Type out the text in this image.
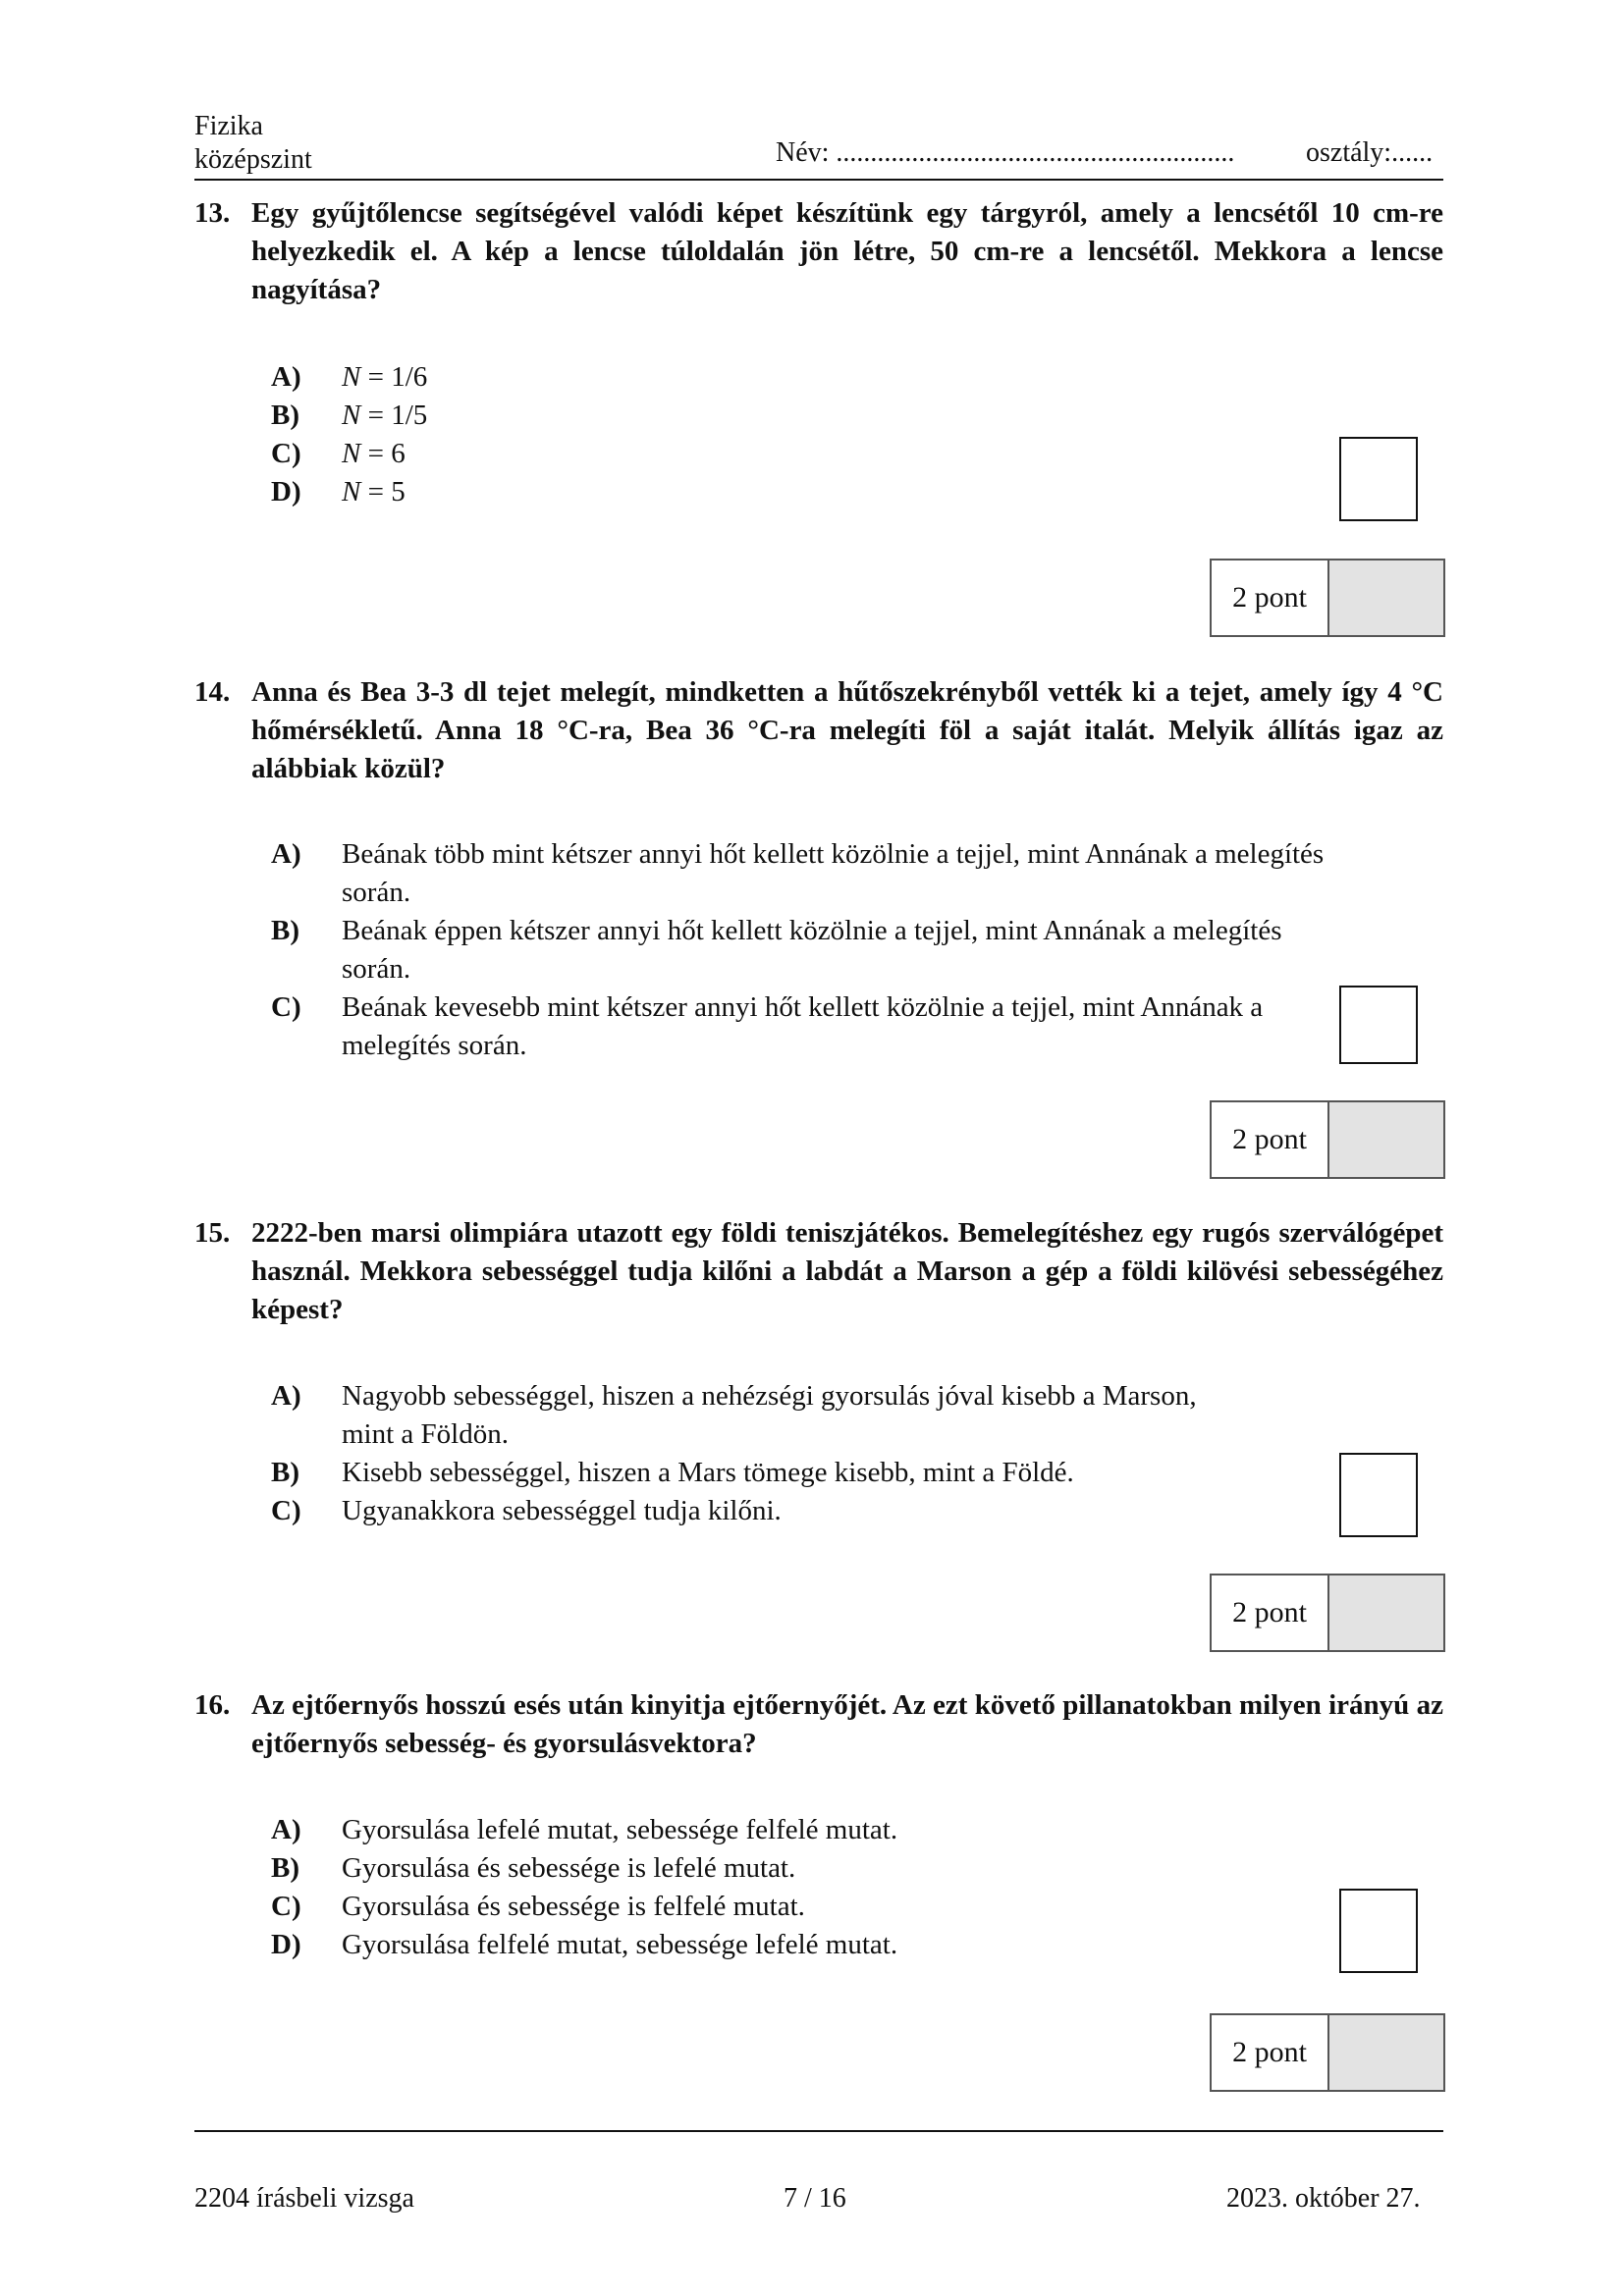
Fizika
középszint	Név: ..........................................................	osztály:......
13. Egy gyűjtőlencse segítségével valódi képet készítünk egy tárgyról, amely a lencsétől 10 cm-re helyezkedik el. A kép a lencse túloldalán jön létre, 50 cm-re a lencsétől. Mekkora a lencse nagyítása?
A) N = 1/6
B) N = 1/5
C) N = 6
D) N = 5
2 pont
14. Anna és Bea 3-3 dl tejet melegít, mindketten a hűtőszekrényből vették ki a tejet, amely így 4 °C hőmérsékletű. Anna 18 °C-ra, Bea 36 °C-ra melegíti föl a saját italát. Melyik állítás igaz az alábbiak közül?
A) Beának több mint kétszer annyi hőt kellett közölnie a tejjel, mint Annának a melegítés során.
B) Beának éppen kétszer annyi hőt kellett közölnie a tejjel, mint Annának a melegítés során.
C) Beának kevesebb mint kétszer annyi hőt kellett közölnie a tejjel, mint Annának a melegítés során.
2 pont
15. 2222-ben marsi olimpiára utazott egy földi teniszjátékos. Bemelegítéshez egy rugós szerválógépet használ. Mekkora sebességgel tudja kilőni a labdát a Marson a gép a földi kilövési sebességéhez képest?
A) Nagyobb sebességgel, hiszen a nehézségi gyorsulás jóval kisebb a Marson, mint a Földön.
B) Kisebb sebességgel, hiszen a Mars tömege kisebb, mint a Földé.
C) Ugyanakkora sebességgel tudja kilőni.
2 pont
16. Az ejtőernyős hosszú esés után kinyitja ejtőernyőjét. Az ezt követő pillanatokban milyen irányú az ejtőernyős sebesség- és gyorsulásvektora?
A) Gyorsulása lefelé mutat, sebessége felfelé mutat.
B) Gyorsulása és sebessége is lefelé mutat.
C) Gyorsulása és sebessége is felfelé mutat.
D) Gyorsulása felfelé mutat, sebessége lefelé mutat.
2 pont
2204 írásbeli vizsga	7 / 16	2023. október 27.
